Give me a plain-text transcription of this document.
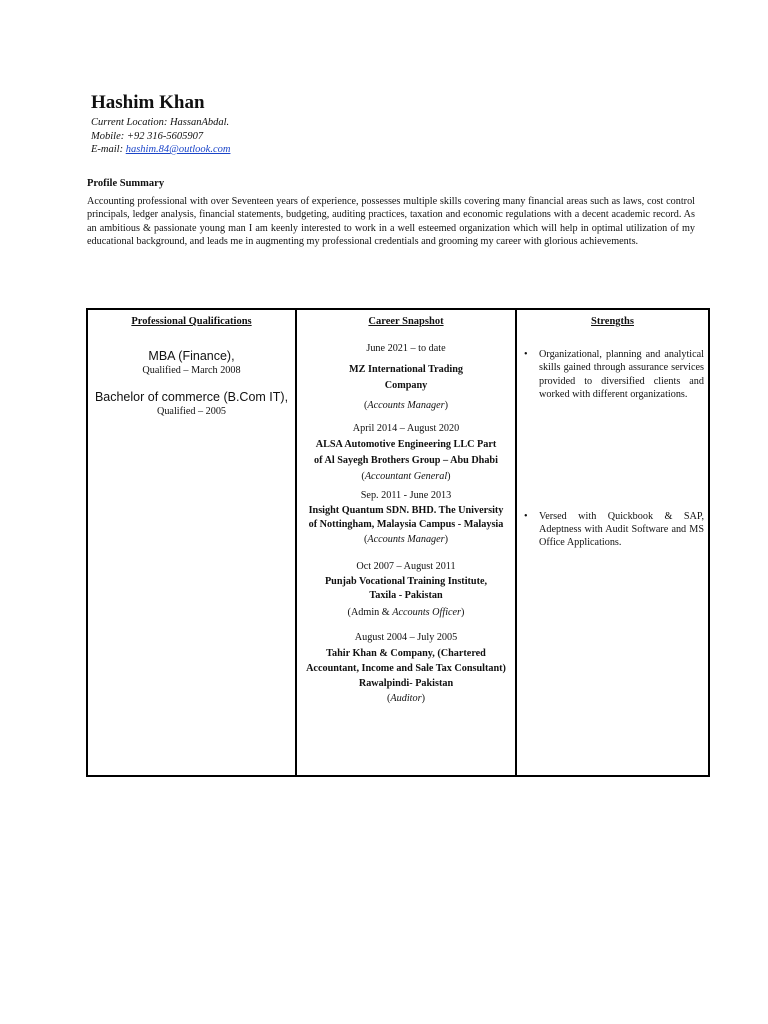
Hashim Khan
Current Location: HassanAbdal.
Mobile: +92 316-5605907
E-mail: hashim.84@outlook.com
Profile Summary
Accounting professional with over Seventeen years of experience, possesses multiple skills covering many financial areas such as laws, cost control principals, ledger analysis, financial statements, budgeting, auditing practices, taxation and economic regulations with a decent academic record. As an ambitious & passionate young man I am keenly interested to work in a well esteemed organization which will help in optimal utilization of my educational background, and leads me in augmenting my professional credentials and grooming my career with glorious achievements.
Professional Qualifications
MBA (Finance),
Qualified – March 2008
Bachelor of commerce (B.Com IT),
Qualified – 2005

Career Snapshot
June 2021 – to date
MZ International Trading Company
(Accounts Manager)
April 2014 – August 2020
ALSA Automotive Engineering LLC Part of Al Sayegh Brothers Group – Abu Dhabi
(Accountant General)
Sep. 2011 - June 2013
Insight Quantum SDN. BHD. The University of Nottingham, Malaysia Campus - Malaysia
(Accounts Manager)
Oct 2007 – August 2011
Punjab Vocational Training Institute, Taxila - Pakistan
(Admin & Accounts Officer)
August 2004 – July 2005
Tahir Khan & Company, (Chartered Accountant, Income and Sale Tax Consultant) Rawalpindi- Pakistan
(Auditor)

Strengths
• Organizational, planning and analytical skills gained through assurance services provided to diversified clients and worked with different organizations.
• Versed with Quickbook & SAP, Adeptness with Audit Software and MS Office Applications.
